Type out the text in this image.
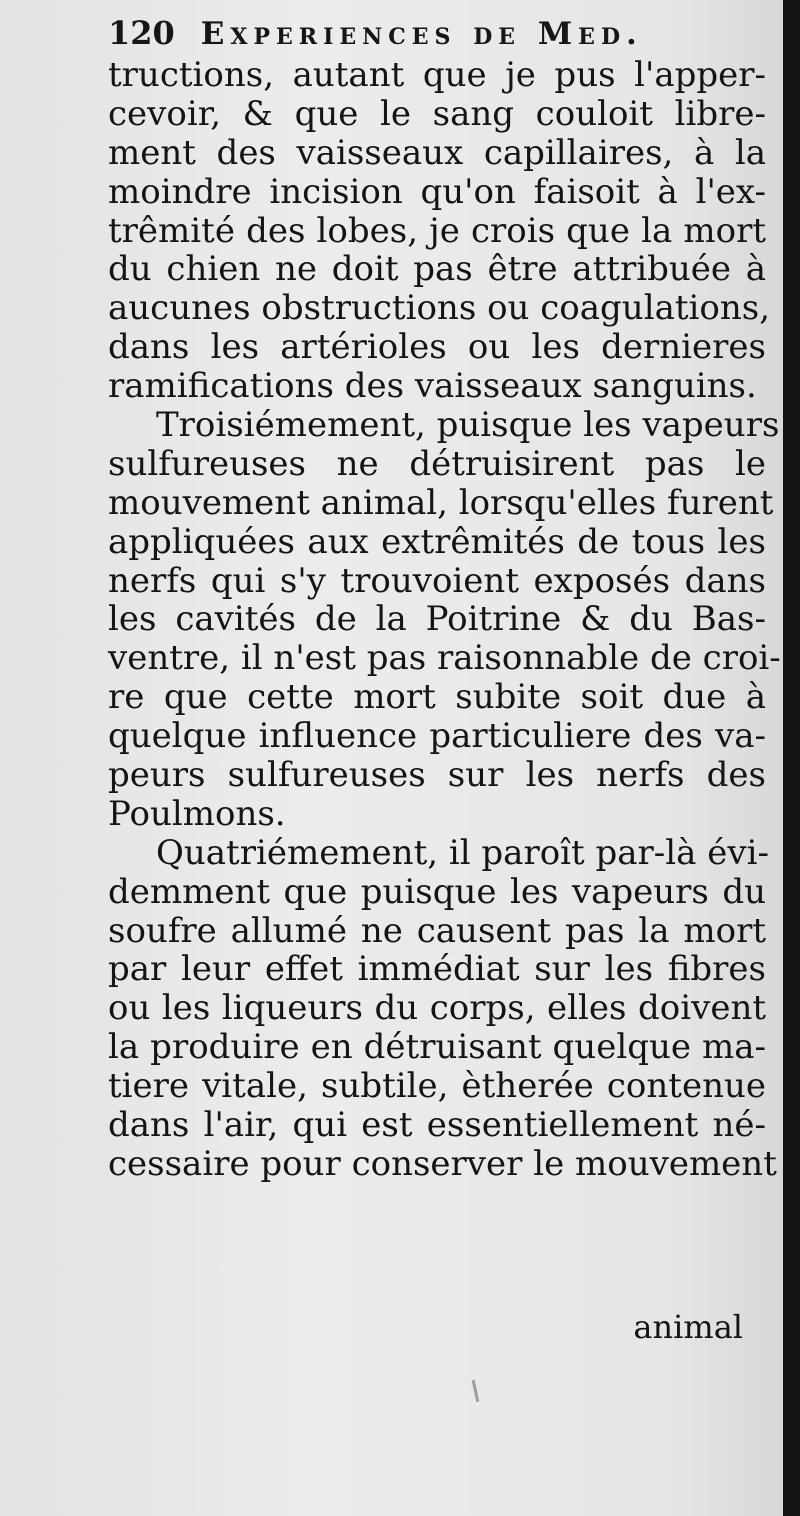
120 Experiences de Med.
tructions, autant que je pus l'apper-
cevoir, & que le sang couloit libre-
ment des vaisseaux capillaires, à la
moindre incision qu'on faisoit à l'ex-
trêmité des lobes, je crois que la mort
du chien ne doit pas être attribuée à
aucunes obstructions ou coagulations,
dans les artérioles ou les dernieres
ramifications des vaisseaux sanguins.
Troisiémement, puisque les vapeurs
sulfureuses ne détruisirent pas le
mouvement animal, lorsqu'elles furent
appliquées aux extrêmités de tous les
nerfs qui s'y trouvoient exposés dans
les cavités de la Poitrine & du Bas-
ventre, il n'est pas raisonnable de croi-
re que cette mort subite soit due à
quelque influence particuliere des va-
peurs sulfureuses sur les nerfs des
Poulmons.
Quatriémement, il paroît par-là évi-
demment que puisque les vapeurs du
soufre allumé ne causent pas la mort
par leur effet immédiat sur les fibres
ou les liqueurs du corps, elles doivent
la produire en détruisant quelque ma-
tiere vitale, subtile, ètherée contenue
dans l'air, qui est essentiellement né-
cessaire pour conserver le mouvement
animal
